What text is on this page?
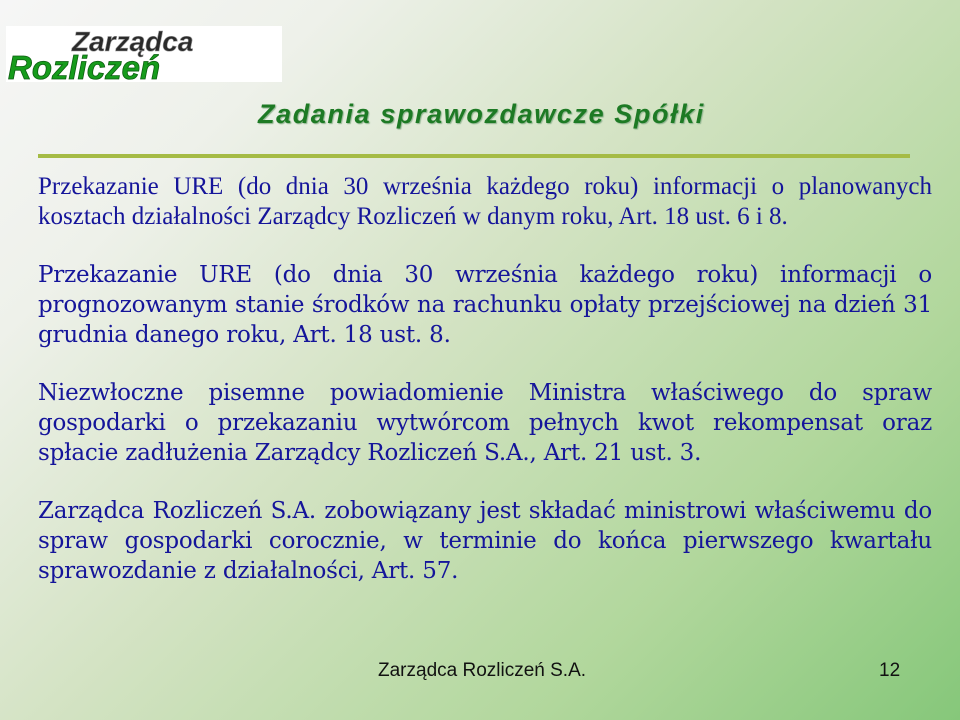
Zarządca
Rozliczeń
Zadania sprawozdawcze Spółki

Przekazanie URE (do dnia 30 września każdego roku) informacji o planowanych kosztach działalności Zarządcy Rozliczeń w danym roku, Art. 18 ust. 6 i 8.

Przekazanie URE (do dnia 30 września każdego roku) informacji o prognozowanym stanie środków na rachunku opłaty przejściowej na dzień 31 grudnia danego roku, Art. 18 ust. 8.

Niezwłoczne pisemne powiadomienie Ministra właściwego do spraw gospodarki o przekazaniu wytwórcom pełnych kwot rekompensat oraz spłacie zadłużenia Zarządcy Rozliczeń S.A., Art. 21 ust. 3.

Zarządca Rozliczeń S.A. zobowiązany jest składać ministrowi właściwemu do spraw gospodarki corocznie, w terminie do końca pierwszego kwartału sprawozdanie z działalności, Art. 57.

Zarządca Rozliczeń S.A.	12
